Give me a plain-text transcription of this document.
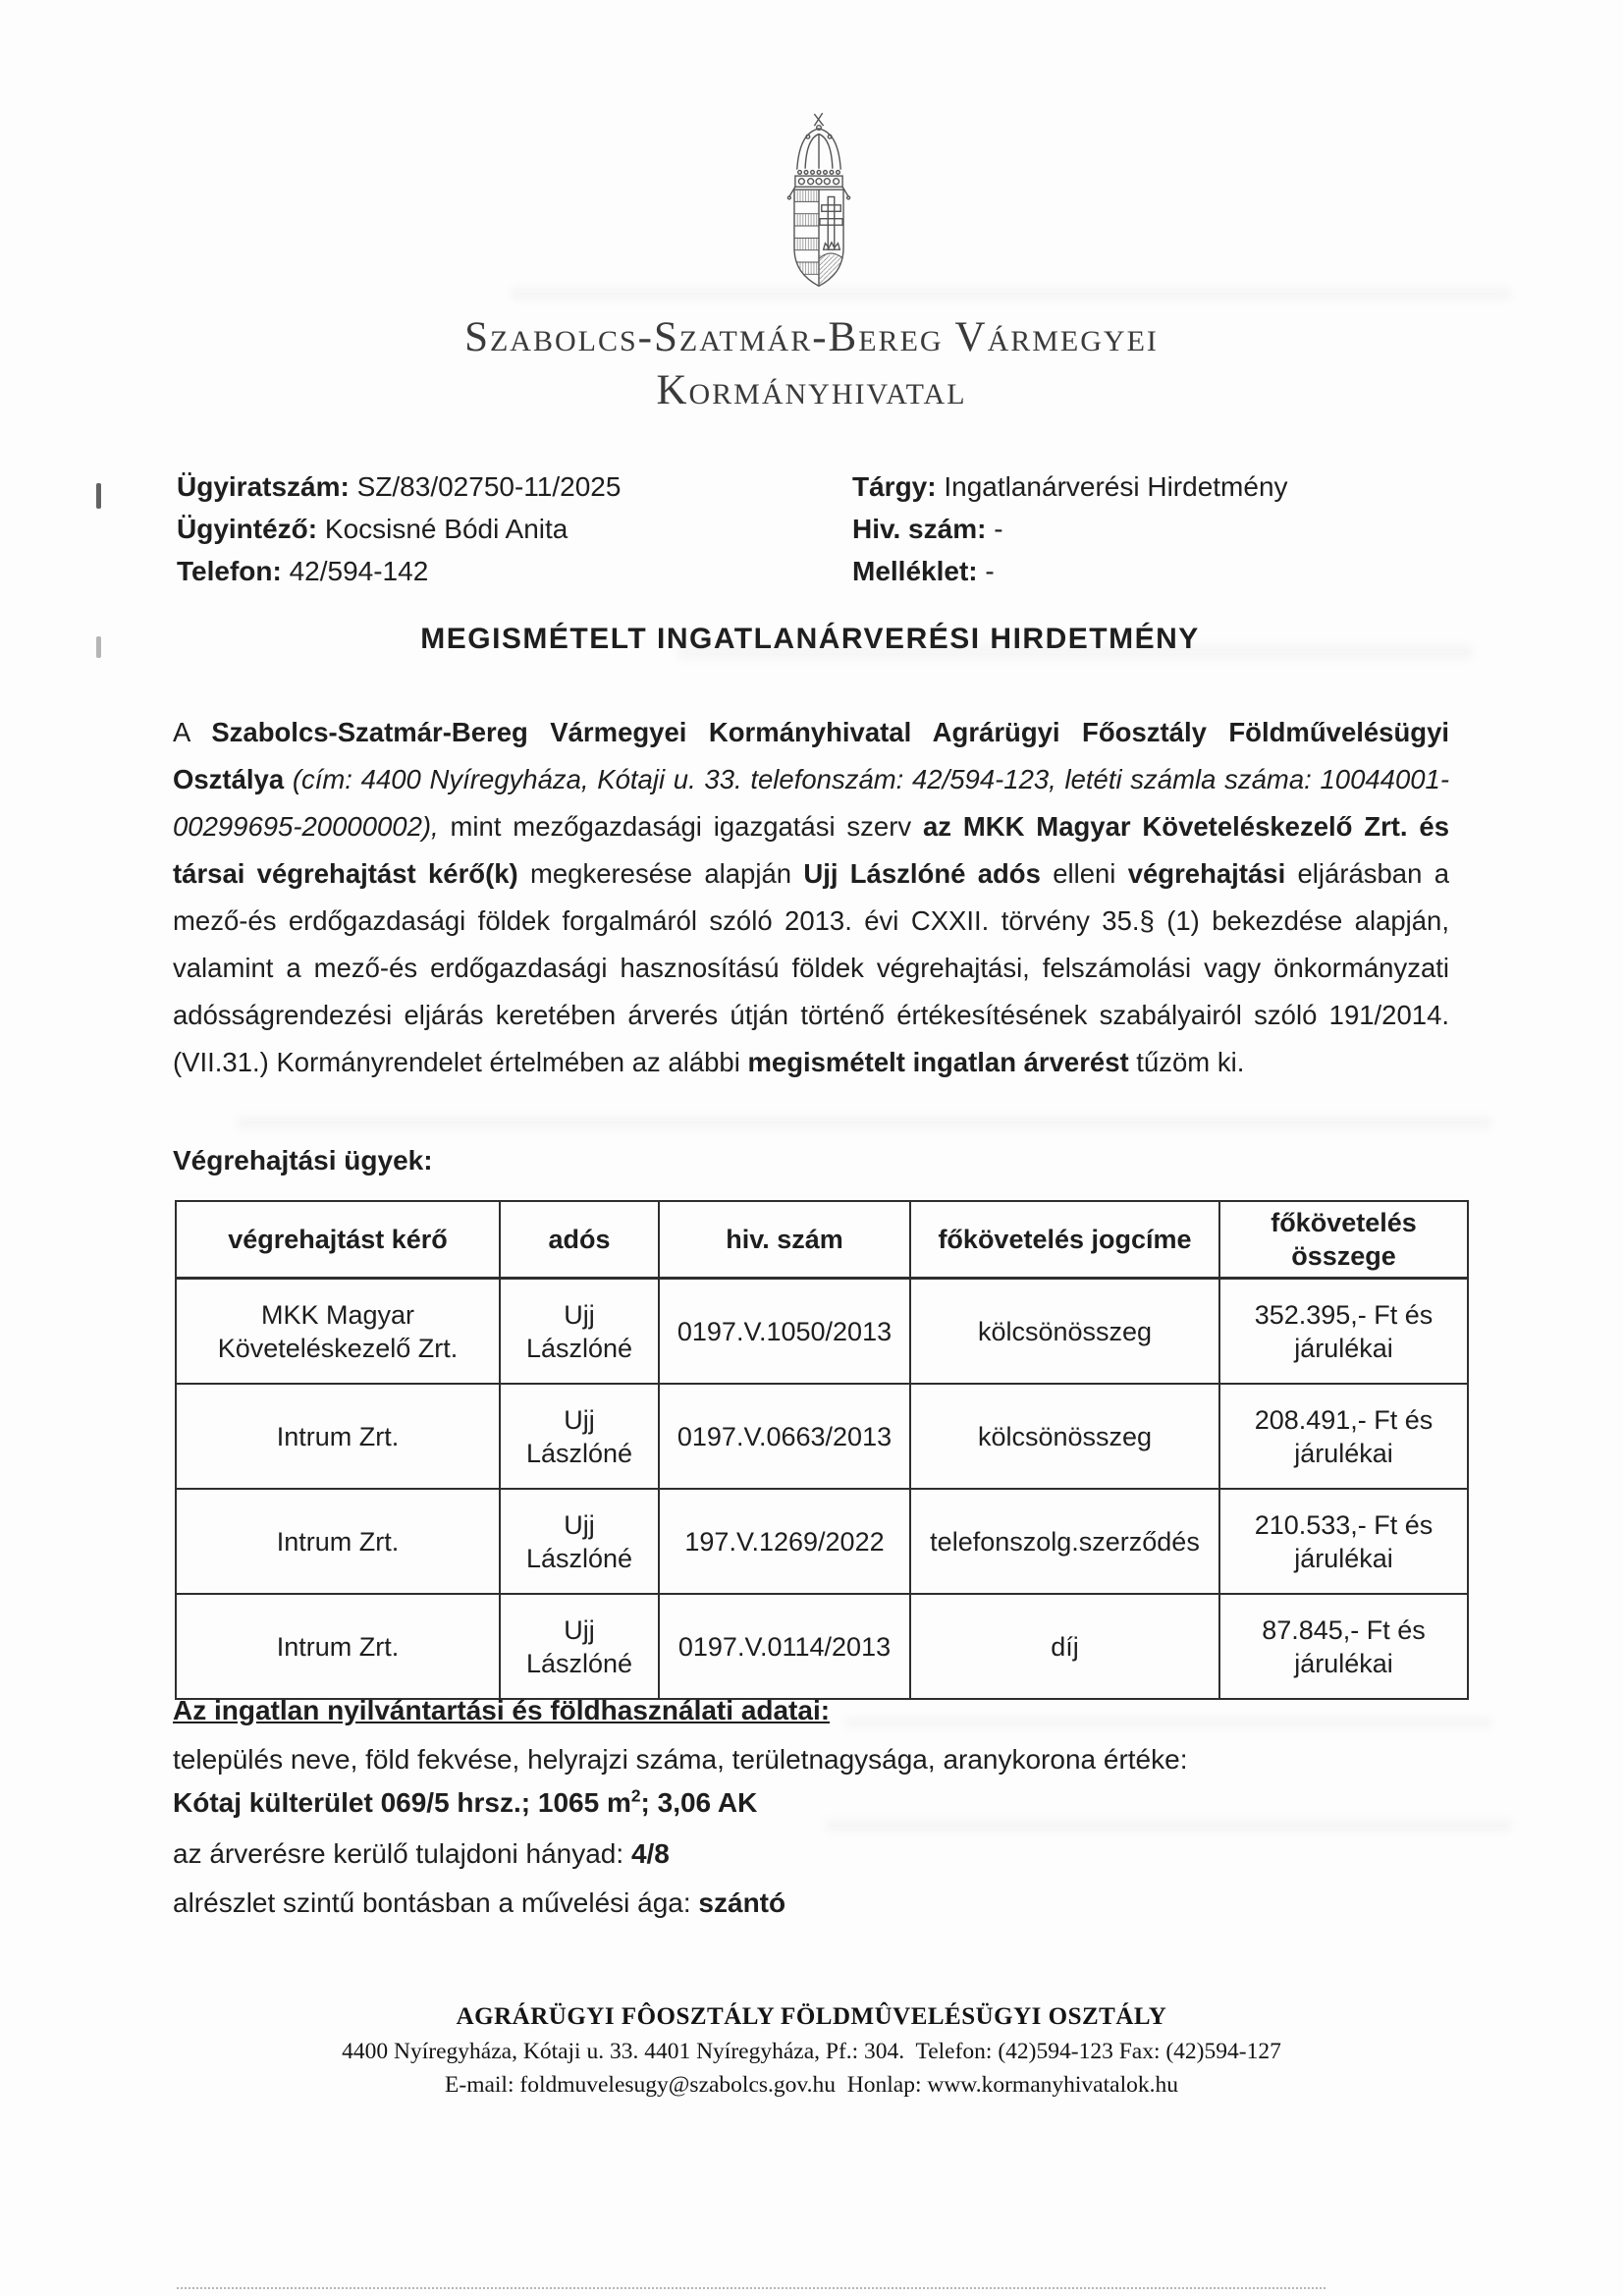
Szabolcs-Szatmár-Bereg Vármegyei
Kormányhivatal
Ügyiratszám: SZ/83/02750-11/2025
Ügyintéző: Kocsisné Bódi Anita
Telefon: 42/594-142
Tárgy: Ingatlanárverési Hirdetmény
Hiv. szám: -
Melléklet: -
MEGISMÉTELT INGATLANÁRVERÉSI HIRDETMÉNY

A Szabolcs-Szatmár-Bereg Vármegyei Kormányhivatal Agrárügyi Főosztály Földművelésügyi Osztálya (cím: 4400 Nyíregyháza, Kótaji u. 33. telefonszám: 42/594-123, letéti számla száma: 10044001-00299695-20000002), mint mezőgazdasági igazgatási szerv az MKK Magyar Követeléskezelő Zrt. és társai végrehajtást kérő(k) megkeresése alapján Ujj Lászlóné adós elleni végrehajtási eljárásban a mező-és erdőgazdasági földek forgalmáról szóló 2013. évi CXXII. törvény 35.§ (1) bekezdése alapján, valamint a mező-és erdőgazdasági hasznosítású földek végrehajtási, felszámolási vagy önkormányzati adósságrendezési eljárás keretében árverés útján történő értékesítésének szabályairól szóló 191/2014. (VII.31.) Kormányrendelet értelmében az alábbi megismételt ingatlan árverést tűzöm ki.

Végrehajtási ügyek:
végrehajtást kérő	adós	hiv. szám	főkövetelés jogcíme	főkövetelés összege
MKK Magyar Követeléskezelő Zrt.	Ujj Lászlóné	0197.V.1050/2013	kölcsönösszeg	352.395,- Ft és járulékai
Intrum Zrt.	Ujj Lászlóné	0197.V.0663/2013	kölcsönösszeg	208.491,- Ft és járulékai
Intrum Zrt.	Ujj Lászlóné	197.V.1269/2022	telefonszolg.szerződés	210.533,- Ft és járulékai
Intrum Zrt.	Ujj Lászlóné	0197.V.0114/2013	díj	87.845,- Ft és járulékai
Az ingatlan nyilvántartási és földhasználati adatai:
település neve, föld fekvése, helyrajzi száma, területnagysága, aranykorona értéke:
Kótaj külterület 069/5 hrsz.; 1065 $m^2$; 3,06 AK
az árverésre kerülő tulajdoni hányad: 4/8
alrészlet szintű bontásban a művelési ága: szántó
AGRÁRÜGYI FÔOSZTÁLY FÖLDMÛVELÉSÜGYI OSZTÁLY
4400 Nyíregyháza, Kótaji u. 33. 4401 Nyíregyháza, Pf.: 304.  Telefon: (42)594-123 Fax: (42)594-127
E-mail: foldmuvelesugy@szabolcs.gov.hu  Honlap: www.kormanyhivatalok.hu
